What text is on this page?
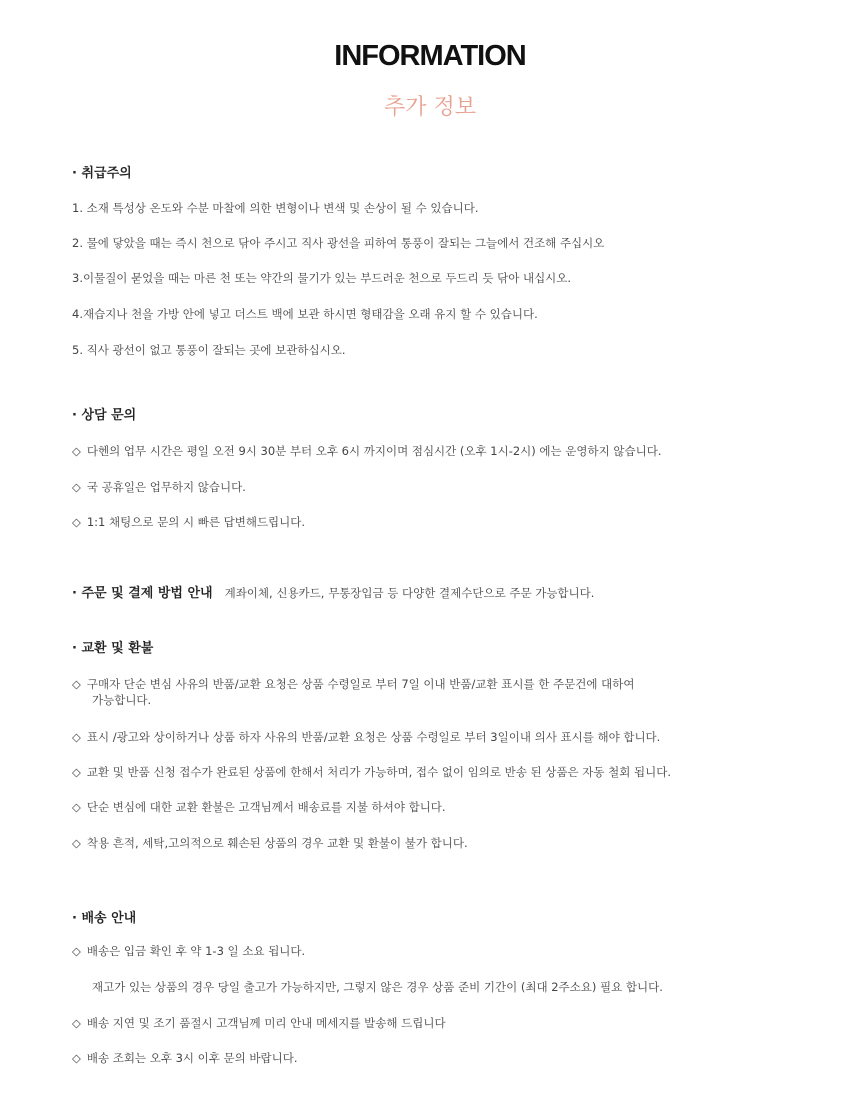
INFORMATION
추가 정보
· 취급주의
1. 소재 특성상 온도와 수분 마찰에 의한 변형이나 변색 및 손상이 될 수 있습니다.
2. 물에 닿았을 때는 즉시 천으로 닦아 주시고 직사 광선을 피하여 통풍이 잘되는 그늘에서 건조해 주십시오
3.이물질이 묻었을 때는 마른 천 또는 약간의 물기가 있는 부드러운 천으로 두드리 듯 닦아 내십시오.
4.재습지나 천을 가방 안에 넣고 더스트 백에 보관 하시면 형태감을 오래 유지 할 수 있습니다.
5. 직사 광선이 없고 통풍이 잘되는 곳에 보관하십시오.
· 상담 문의
◇ 다헨의 업무 시간은 평일 오전 9시 30분 부터 오후 6시 까지이며 점심시간 (오후 1시-2시) 에는 운영하지 않습니다.
◇ 국 공휴일은 업무하지 않습니다.
◇ 1:1 채팅으로 문의 시 빠른 답변해드립니다.
· 주문 및 결제 방법 안내 계좌이체, 신용카드, 무통장입금 등 다양한 결제수단으로 주문 가능합니다.
· 교환 및 환불
◇ 구매자 단순 변심 사유의 반품/교환 요청은 상품 수령일로 부터 7일 이내 반품/교환 표시를 한 주문건에 대하여
가능합니다.
◇ 표시 /광고와 상이하거나 상품 하자 사유의 반품/교환 요청은 상품 수령일로 부터 3일이내 의사 표시를 해야 합니다.
◇ 교환 및 반품 신청 접수가 완료된 상품에 한해서 처리가 가능하며, 접수 없이 임의로 반송 된 상품은 자동 철회 됩니다.
◇ 단순 변심에 대한 교환 환불은 고객님께서 배송료를 지불 하셔야 합니다.
◇ 착용 흔적, 세탁,고의적으로 훼손된 상품의 경우 교환 및 환불이 불가 합니다.
· 배송 안내
◇ 배송은 입금 확인 후 약 1-3 일 소요 됩니다.
재고가 있는 상품의 경우 당일 출고가 가능하지만, 그렇지 않은 경우 상품 준비 기간이 (최대 2주소요) 필요 합니다.
◇ 배송 지연 및 조기 품절시 고객님께 미리 안내 메세지를 발송해 드립니다
◇ 배송 조회는 오후 3시 이후 문의 바랍니다.
